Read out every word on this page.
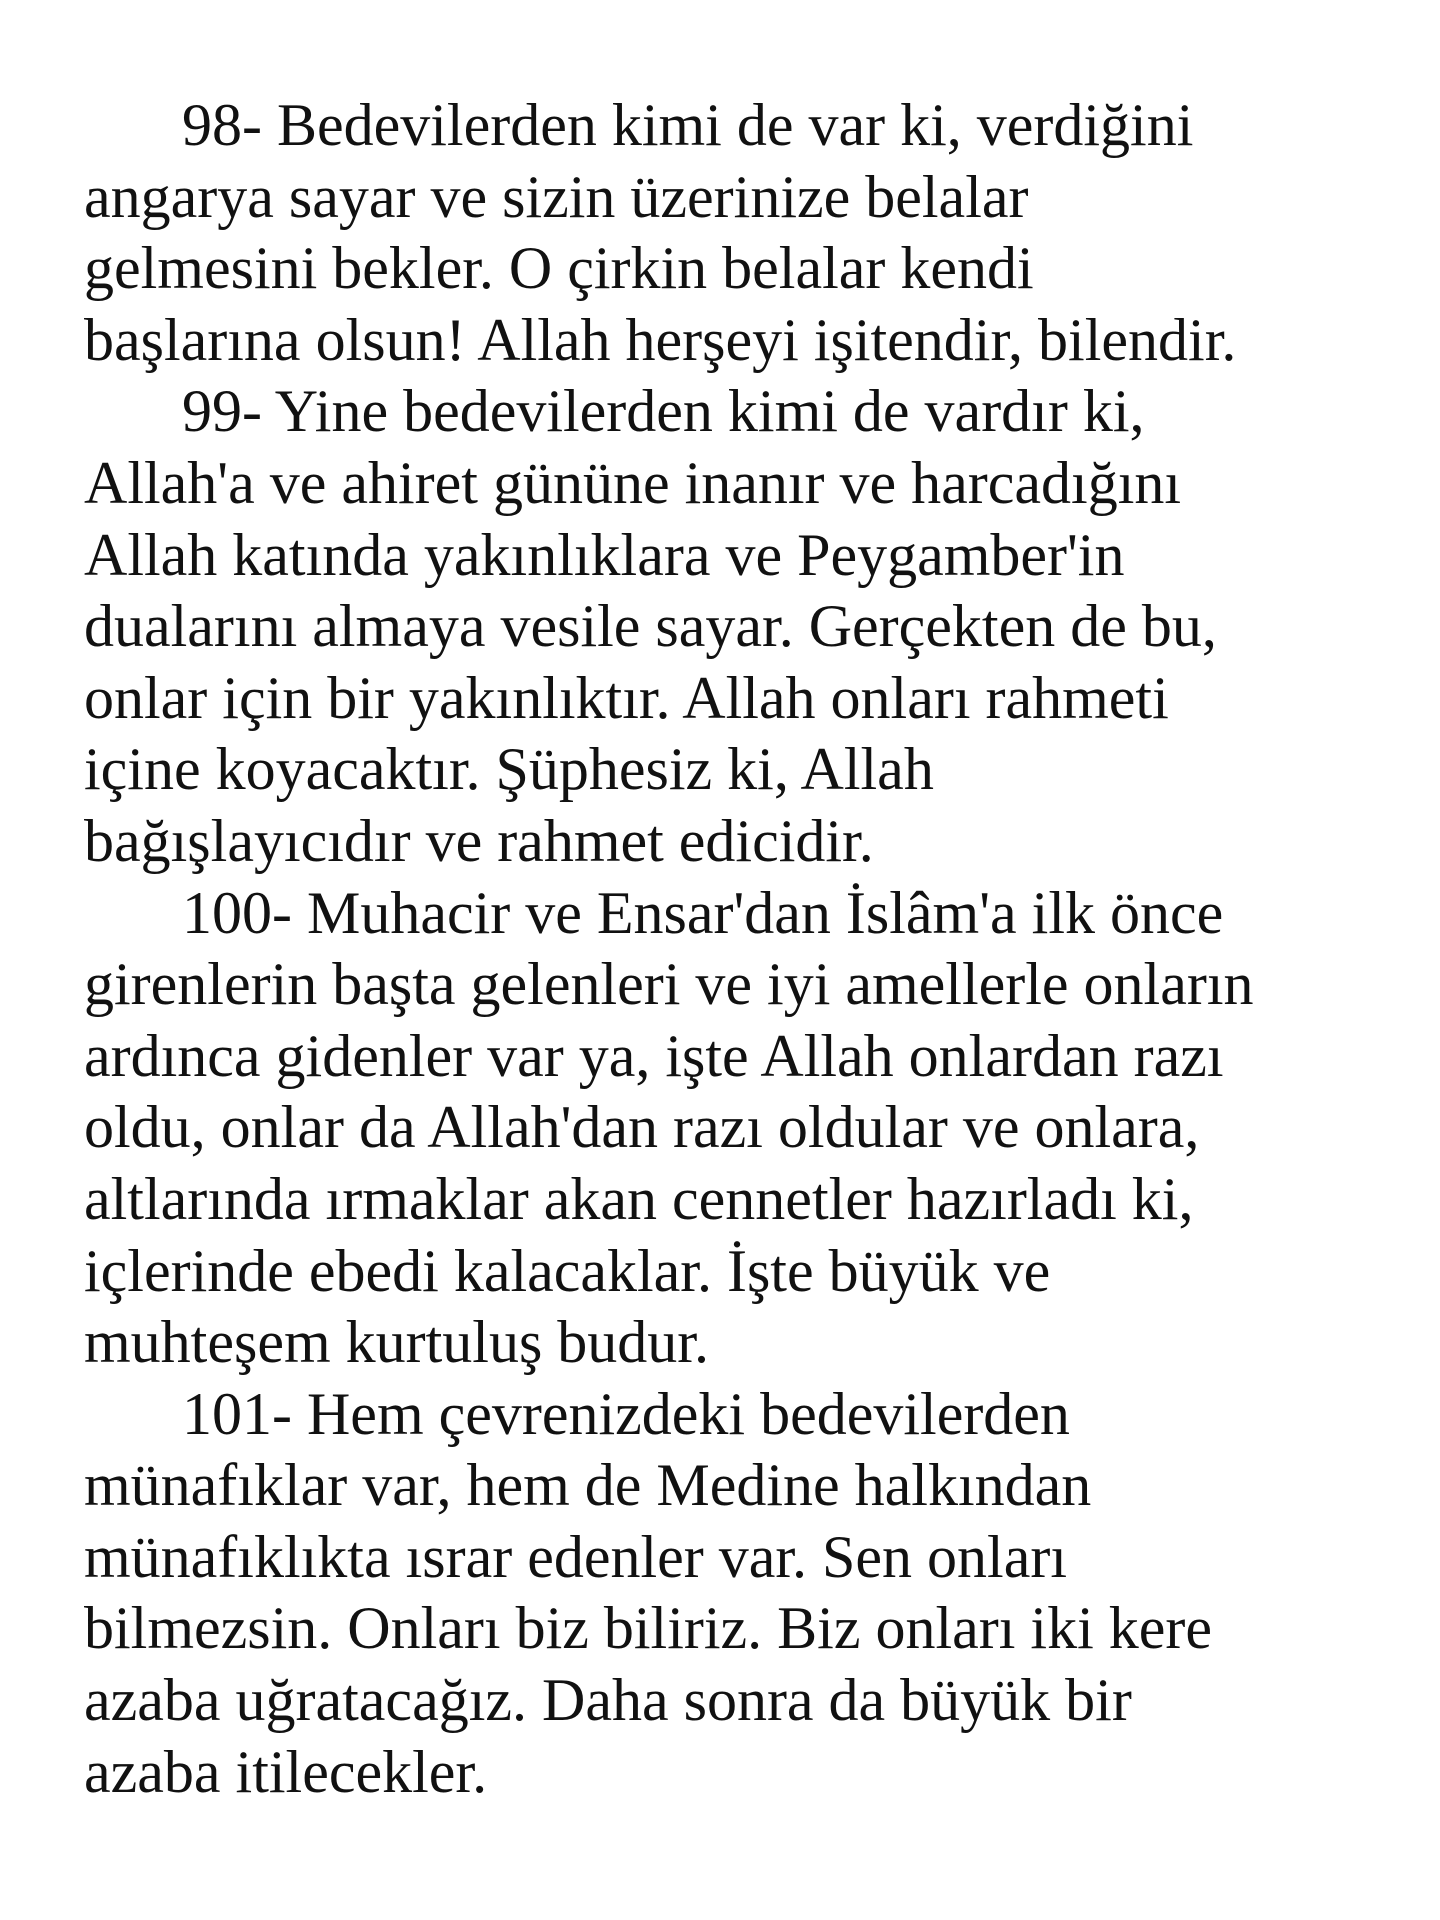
98- Bedevilerden kimi de var ki, verdiğini
angarya sayar ve sizin üzerinize belalar
gelmesini bekler. O çirkin belalar kendi
başlarına olsun! Allah herşeyi işitendir, bilendir.
99- Yine bedevilerden kimi de vardır ki,
Allah'a ve ahiret gününe inanır ve harcadığını
Allah katında yakınlıklara ve Peygamber'in
dualarını almaya vesile sayar. Gerçekten de bu,
onlar için bir yakınlıktır. Allah onları rahmeti
içine koyacaktır. Şüphesiz ki, Allah
bağışlayıcıdır ve rahmet edicidir.
100- Muhacir ve Ensar'dan İslâm'a ilk önce
girenlerin başta gelenleri ve iyi amellerle onların
ardınca gidenler var ya, işte Allah onlardan razı
oldu, onlar da Allah'dan razı oldular ve onlara,
altlarında ırmaklar akan cennetler hazırladı ki,
içlerinde ebedi kalacaklar. İşte büyük ve
muhteşem kurtuluş budur.
101- Hem çevrenizdeki bedevilerden
münafıklar var, hem de Medine halkından
münafıklıkta ısrar edenler var. Sen onları
bilmezsin. Onları biz biliriz. Biz onları iki kere
azaba uğratacağız. Daha sonra da büyük bir
azaba itilecekler.
